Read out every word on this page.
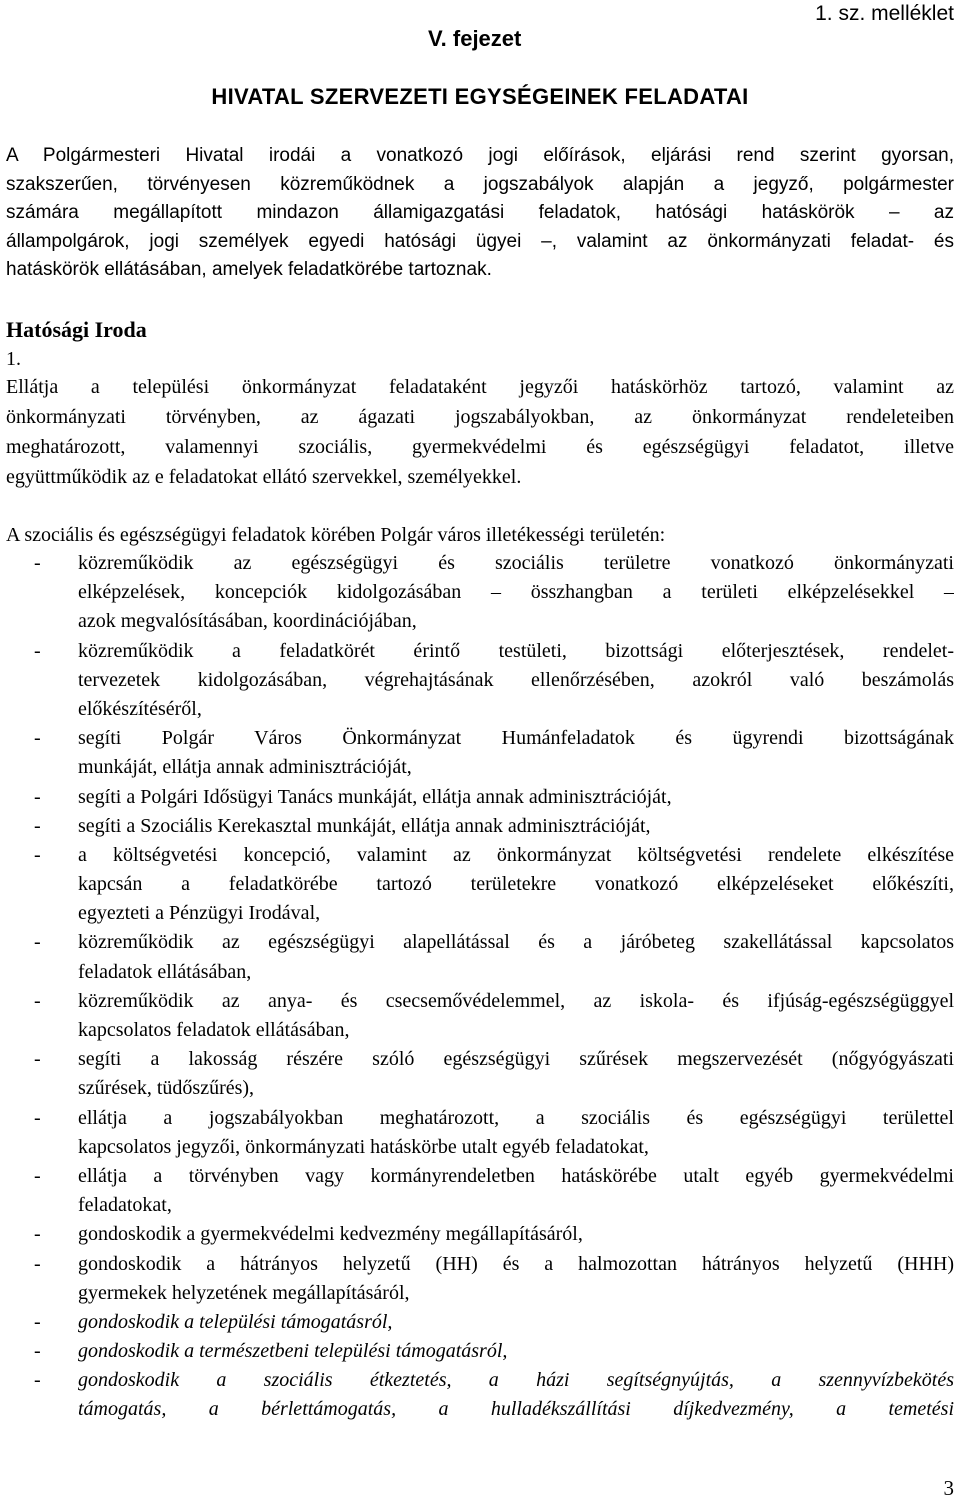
1. sz. melléklet
V. fejezet
HIVATAL SZERVEZETI EGYSÉGEINEK FELADATAI
A Polgármesteri Hivatal irodái a vonatkozó jogi előírások, eljárási rend szerint gyorsan,
szakszerűen, törvényesen közreműködnek a jogszabályok alapján a jegyző, polgármester
számára megállapított mindazon államigazgatási feladatok, hatósági hatáskörök – az
állampolgárok, jogi személyek egyedi hatósági ügyei –, valamint az önkormányzati feladat- és
hatáskörök ellátásában, amelyek feladatkörébe tartoznak.
Hatósági Iroda
1.
Ellátja a települési önkormányzat feladataként jegyzői hatáskörhöz tartozó, valamint az
önkormányzati törvényben, az ágazati jogszabályokban, az önkormányzat rendeleteiben
meghatározott, valamennyi szociális, gyermekvédelmi és egészségügyi feladatot, illetve
együttműködik az e feladatokat ellátó szervekkel, személyekkel.
A szociális és egészségügyi feladatok körében Polgár város illetékességi területén:
- közreműködik az egészségügyi és szociális területre vonatkozó önkormányzati
elképzelések, koncepciók kidolgozásában – összhangban a területi elképzelésekkel –
azok megvalósításában, koordinációjában,
- közreműködik a feladatkörét érintő testületi, bizottsági előterjesztések, rendelet-
tervezetek kidolgozásában, végrehajtásának ellenőrzésében, azokról való beszámolás
előkészítéséről,
- segíti Polgár Város Önkormányzat Humánfeladatok és ügyrendi bizottságának
munkáját, ellátja annak adminisztrációját,
- segíti a Polgári Idősügyi Tanács munkáját, ellátja annak adminisztrációját,
- segíti a Szociális Kerekasztal munkáját, ellátja annak adminisztrációját,
- a költségvetési koncepció, valamint az önkormányzat költségvetési rendelete elkészítése
kapcsán a feladatkörébe tartozó területekre vonatkozó elképzeléseket előkészíti,
egyezteti a Pénzügyi Irodával,
- közreműködik az egészségügyi alapellátással és a járóbeteg szakellátással kapcsolatos
feladatok ellátásában,
- közreműködik az anya- és csecsemővédelemmel, az iskola- és ifjúság-egészségüggyel
kapcsolatos feladatok ellátásában,
- segíti a lakosság részére szóló egészségügyi szűrések megszervezését (nőgyógyászati
szűrések, tüdőszűrés),
- ellátja a jogszabályokban meghatározott, a szociális és egészségügyi területtel
kapcsolatos jegyzői, önkormányzati hatáskörbe utalt egyéb feladatokat,
- ellátja a törvényben vagy kormányrendeletben hatáskörébe utalt egyéb gyermekvédelmi
feladatokat,
- gondoskodik a gyermekvédelmi kedvezmény megállapításáról,
- gondoskodik a hátrányos helyzetű (HH) és a halmozottan hátrányos helyzetű (HHH)
gyermekek helyzetének megállapításáról,
- gondoskodik a települési támogatásról,
- gondoskodik a természetbeni települési támogatásról,
- gondoskodik a szociális étkeztetés, a házi segítségnyújtás, a szennyvízbekötés
támogatás, a bérlettámogatás, a hulladékszállítási díjkedvezmény, a temetési
3
